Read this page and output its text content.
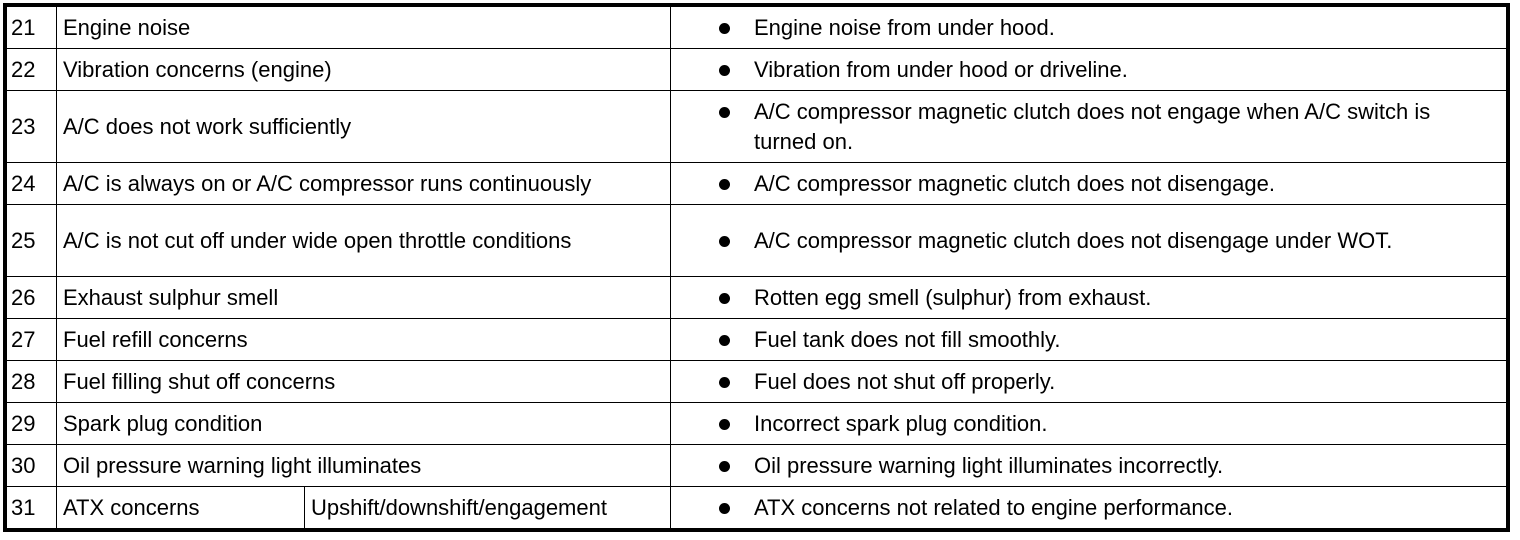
21	Engine noise		Engine noise from under hood.

22	Vibration concerns (engine)		Vibration from under hood or driveline.

23	A/C does not work sufficiently		A/C compressor magnetic clutch does not engage when A/C switch is turned on.

24	A/C is always on or A/C compressor runs continuously		A/C compressor magnetic clutch does not disengage.

25	A/C is not cut off under wide open throttle conditions		A/C compressor magnetic clutch does not disengage under WOT.

26	Exhaust sulphur smell		Rotten egg smell (sulphur) from exhaust.

27	Fuel refill concerns		Fuel tank does not fill smoothly.

28	Fuel filling shut off concerns		Fuel does not shut off properly.

29	Spark plug condition		Incorrect spark plug condition.

30	Oil pressure warning light illuminates		Oil pressure warning light illuminates incorrectly.

31	ATX concerns	Upshift/downshift/engagement	ATX concerns not related to engine performance.
